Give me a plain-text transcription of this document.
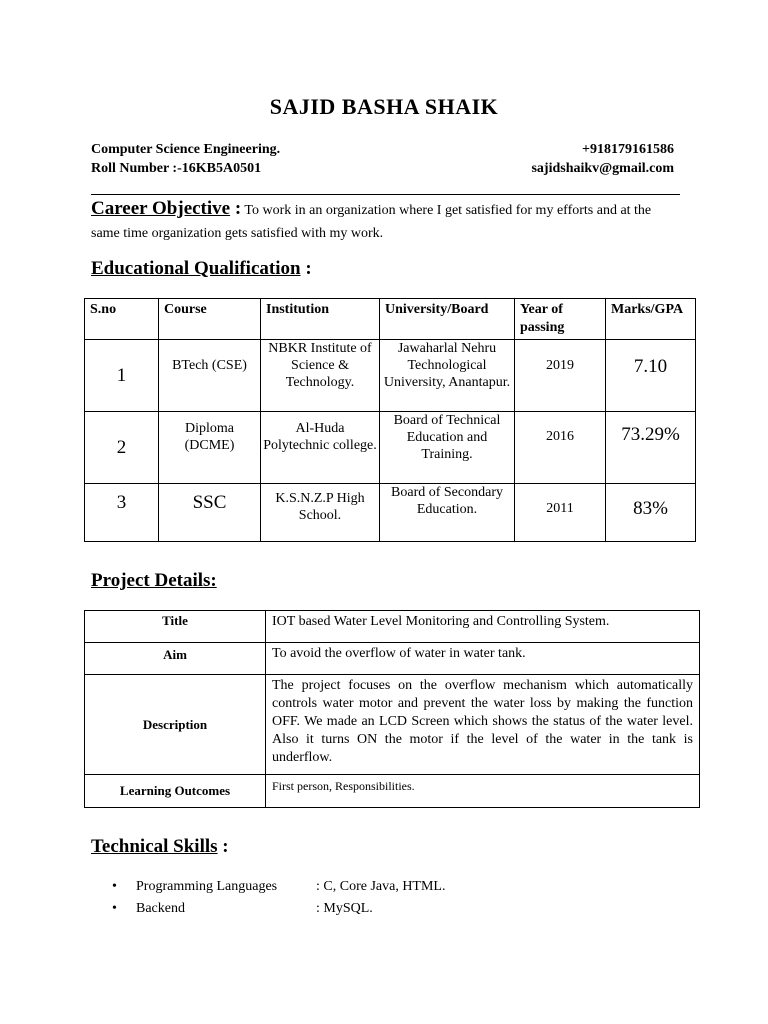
SAJID BASHA SHAIK
Computer Science Engineering.
Roll Number :-16KB5A0501
+918179161586
sajidshaikv@gmail.com
Career Objective : To work in an organization where I get satisfied for my efforts and at the same time organization gets satisfied with my work.
Educational Qualification :
S.no	Course	Institution	University/Board	Year of passing	Marks/GPA
1	BTech (CSE)	NBKR Institute of Science & Technology.	Jawaharlal Nehru Technological University, Anantapur.	2019	7.10
2	Diploma (DCME)	Al-Huda Polytechnic college.	Board of Technical Education and Training.	2016	73.29%
3	SSC	K.S.N.Z.P High School.	Board of Secondary Education.	2011	83%
Project Details:
Title	IOT based Water Level Monitoring and Controlling System.
Aim	To avoid the overflow of water in water tank.
Description	The project focuses on the overflow mechanism which automatically controls water motor and prevent the water loss by making the function OFF. We made an LCD Screen which shows the status of the water level. Also it turns ON the motor if the level of the water in the tank is underflow.
Learning Outcomes	First person, Responsibilities.
Technical Skills :
•	Programming Languages	: C, Core Java, HTML.
•	Backend	: MySQL.
